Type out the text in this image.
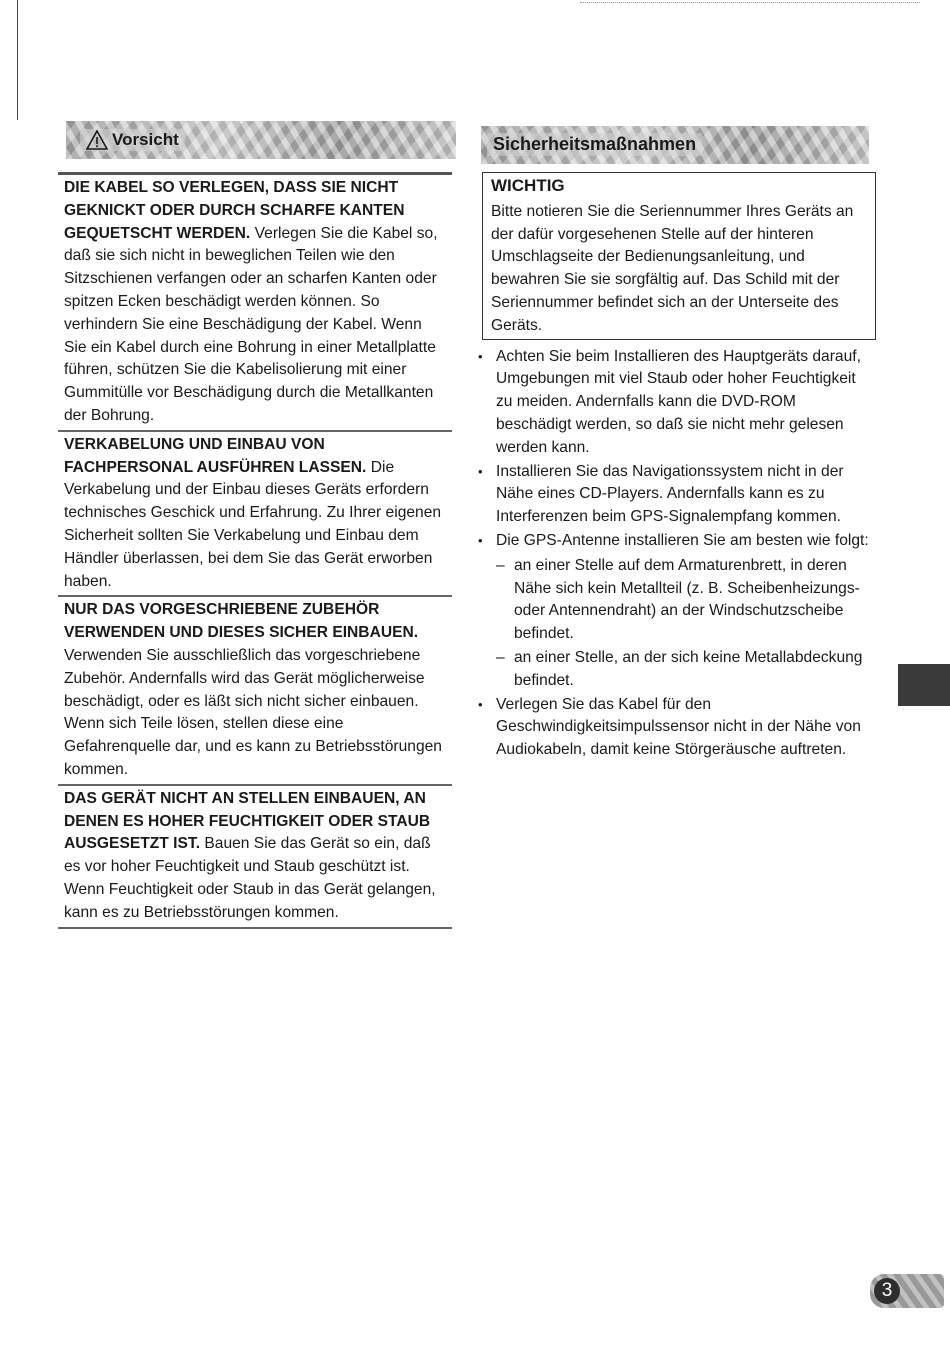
Vorsicht	Sicherheitsmaßnahmen
DIE KABEL SO VERLEGEN, DASS SIE NICHT GEKNICKT ODER DURCH SCHARFE KANTEN GEQUETSCHT WERDEN. Verlegen Sie die Kabel so, daß sie sich nicht in beweglichen Teilen wie den Sitzschienen verfangen oder an scharfen Kanten oder spitzen Ecken beschädigt werden können. So verhindern Sie eine Beschädigung der Kabel. Wenn Sie ein Kabel durch eine Bohrung in einer Metallplatte führen, schützen Sie die Kabelisolierung mit einer Gummitülle vor Beschädigung durch die Metallkanten der Bohrung.
VERKABELUNG UND EINBAU VON FACHPERSONAL AUSFÜHREN LASSEN. Die Verkabelung und der Einbau dieses Geräts erfordern technisches Geschick und Erfahrung. Zu Ihrer eigenen Sicherheit sollten Sie Verkabelung und Einbau dem Händler überlassen, bei dem Sie das Gerät erworben haben.
NUR DAS VORGESCHRIEBENE ZUBEHÖR VERWENDEN UND DIESES SICHER EINBAUEN. Verwenden Sie ausschließlich das vorgeschriebene Zubehör. Andernfalls wird das Gerät möglicherweise beschädigt, oder es läßt sich nicht sicher einbauen. Wenn sich Teile lösen, stellen diese eine Gefahrenquelle dar, und es kann zu Betriebsstörungen kommen.
DAS GERÄT NICHT AN STELLEN EINBAUEN, AN DENEN ES HOHER FEUCHTIGKEIT ODER STAUB AUSGESETZT IST. Bauen Sie das Gerät so ein, daß es vor hoher Feuchtigkeit und Staub geschützt ist. Wenn Feuchtigkeit oder Staub in das Gerät gelangen, kann es zu Betriebsstörungen kommen.
WICHTIG
Bitte notieren Sie die Seriennummer Ihres Geräts an der dafür vorgesehenen Stelle auf der hinteren Umschlagseite der Bedienungsanleitung, und bewahren Sie sie sorgfältig auf. Das Schild mit der Seriennummer befindet sich an der Unterseite des Geräts.
• Achten Sie beim Installieren des Hauptgeräts darauf, Umgebungen mit viel Staub oder hoher Feuchtigkeit zu meiden. Andernfalls kann die DVD-ROM beschädigt werden, so daß sie nicht mehr gelesen werden kann.
• Installieren Sie das Navigationssystem nicht in der Nähe eines CD-Players. Andernfalls kann es zu Interferenzen beim GPS-Signalempfang kommen.
• Die GPS-Antenne installieren Sie am besten wie folgt:
– an einer Stelle auf dem Armaturenbrett, in deren Nähe sich kein Metallteil (z. B. Scheibenheizungs- oder Antennendraht) an der Windschutzscheibe befindet.
– an einer Stelle, an der sich keine Metallabdeckung befindet.
• Verlegen Sie das Kabel für den Geschwindigkeitsimpulssensor nicht in der Nähe von Audiokabeln, damit keine Störgeräusche auftreten.
3
